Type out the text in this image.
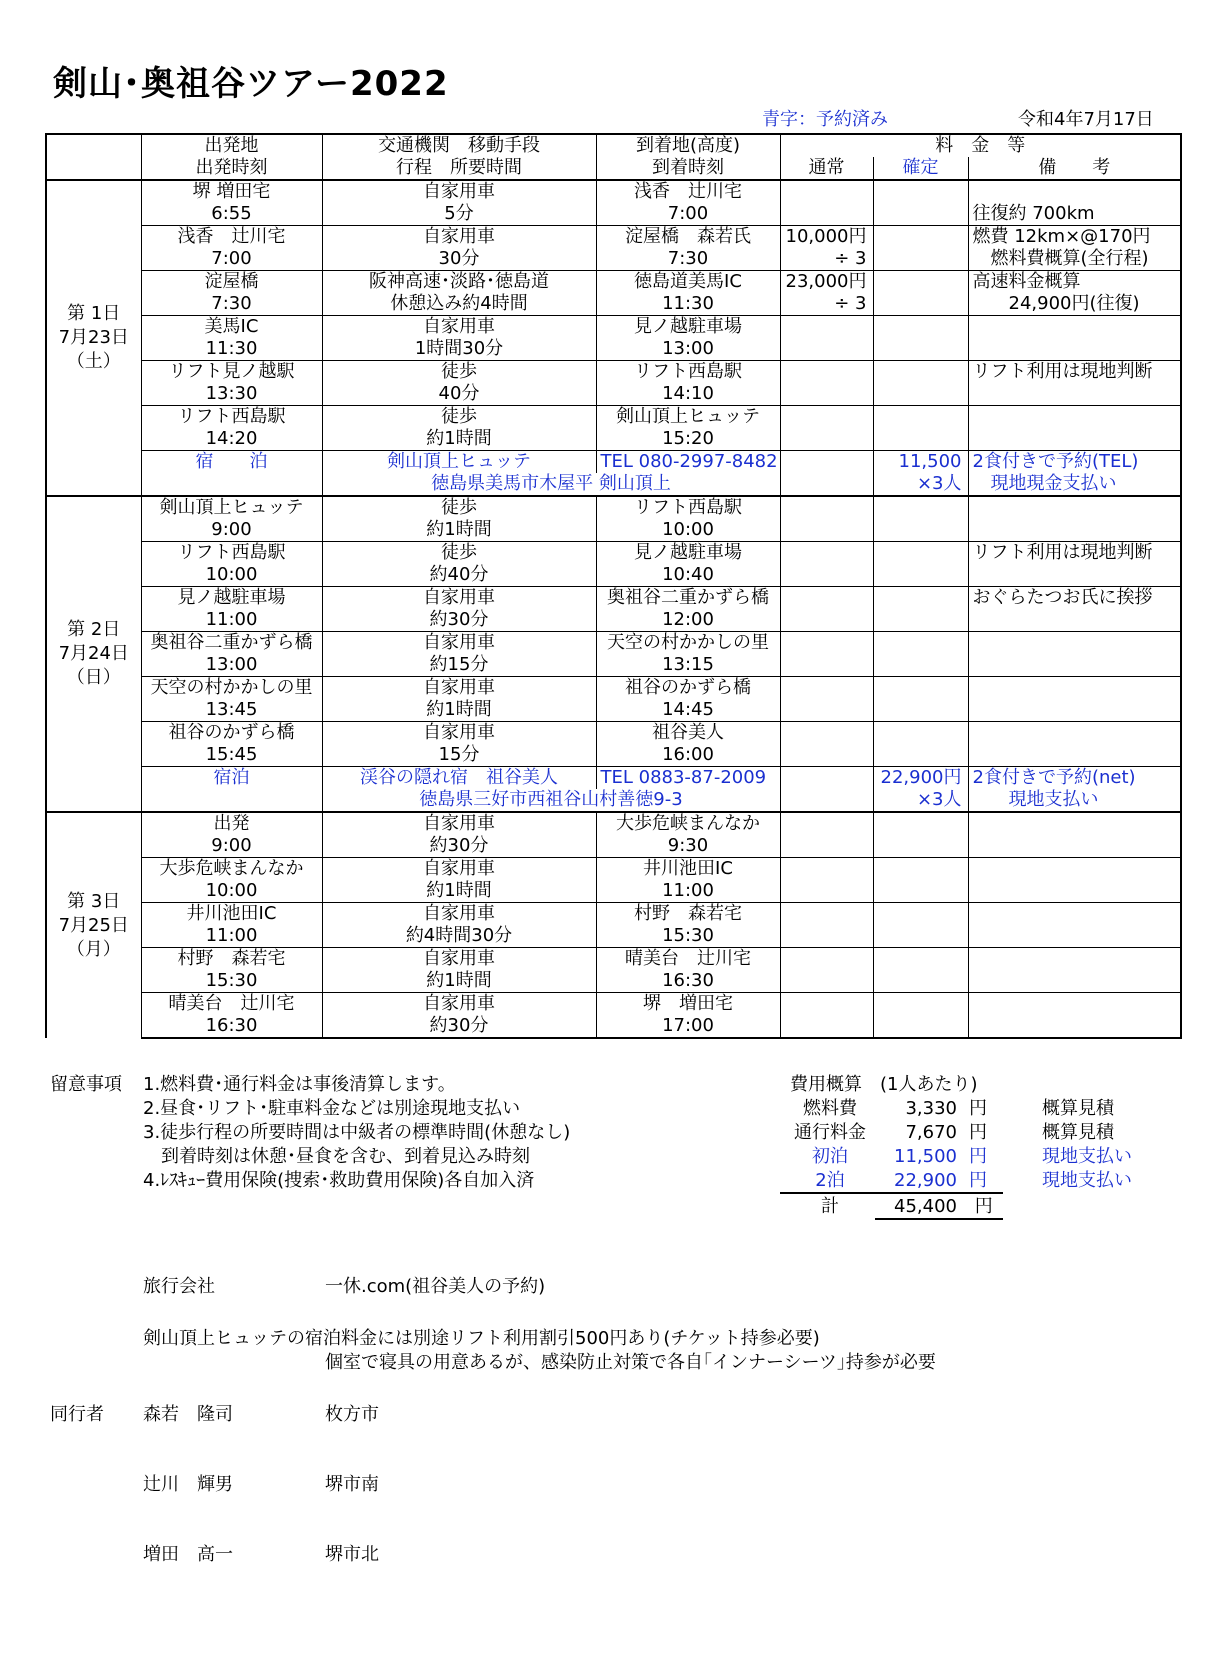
剣山･奥祖谷ツアー2022
青字：予約済み	令和4年7月17日
	出発地	交通機関　移動手段	到着地(高度)	料　金　等		
	出発時刻	行程　所要時間	到着時刻	通常	確定	備　　考

第 1日
7月23日
（土）	堺 増田宅	自家用車	浅香　辻川宅			
	6:55	5分	7:00			往復約 700km
	浅香　辻川宅	自家用車	淀屋橋　森若氏	10,000円		燃費 12km×@170円
	7:00	30分	7:30	÷ 3		　燃料費概算(全行程)
	淀屋橋	阪神高速･淡路･徳島道	徳島道美馬IC	23,000円		高速料金概算
	7:30	休憩込み約4時間	11:30	÷ 3		　　24,900円(往復)
	美馬IC	自家用車	見ノ越駐車場			
	11:30	1時間30分	13:00			
	リフト見ノ越駅	徒歩	リフト西島駅			リフト利用は現地判断
	13:30	40分	14:10			
	リフト西島駅	徒歩	剣山頂上ヒュッテ			
	14:20	約1時間	15:20			
	宿　　泊	剣山頂上ヒュッテ	TEL 080-2997-8482		11,500	2食付きで予約(TEL)
		徳島県美馬市木屋平 剣山頂上			×3人	　現地現金支払い

第 2日
7月24日
（日）	剣山頂上ヒュッテ	徒歩	リフト西島駅			
	9:00	約1時間	10:00			
	リフト西島駅	徒歩	見ノ越駐車場			リフト利用は現地判断
	10:00	約40分	10:40			
	見ノ越駐車場	自家用車	奥祖谷二重かずら橋			おぐらたつお氏に挨拶
	11:00	約30分	12:00			
	奥祖谷二重かずら橋	自家用車	天空の村かかしの里			
	13:00	約15分	13:15			
	天空の村かかしの里	自家用車	祖谷のかずら橋			
	13:45	約1時間	14:45			
	祖谷のかずら橋	自家用車	祖谷美人			
	15:45	15分	16:00			
	宿泊	渓谷の隠れ宿　祖谷美人	TEL 0883-87-2009		22,900円	2食付きで予約(net)
		徳島県三好市西祖谷山村善徳9-3			×3人	　　現地支払い

第 3日
7月25日
（月）	出発	自家用車	大歩危峡まんなか			
	9:00	約30分	9:30			
	大歩危峡まんなか	自家用車	井川池田IC			
	10:00	約1時間	11:00			
	井川池田IC	自家用車	村野　森若宅			
	11:00	約4時間30分	15:30			
	村野　森若宅	自家用車	晴美台　辻川宅			
	15:30	約1時間	16:30			
	晴美台　辻川宅	自家用車	堺　増田宅			
	16:30	約30分	17:00			
留意事項 1.燃料費･通行料金は事後清算します。
2.昼食･リフト･駐車料金などは別途現地支払い
3.徒歩行程の所要時間は中級者の標準時間(休憩なし)
　到着時刻は休憩･昼食を含む、到着見込み時刻
4.ﾚｽｷｭｰ費用保険(捜索･救助費用保険)各自加入済
費用概算　(1人あたり)
燃料費	3,330 円	概算見積
通行料金	7,670 円	概算見積
初泊	11,500 円	現地支払い
2泊	22,900 円	現地支払い
計	45,400 円
旅行会社	一休.com(祖谷美人の予約)
剣山頂上ヒュッテの宿泊料金には別途リフト利用割引500円あり(チケット持参必要)
個室で寝具の用意あるが、感染防止対策で各自｢インナーシーツ｣持参が必要
同行者 森若　隆司	枚方市
辻川　輝男	堺市南
増田　高一	堺市北
